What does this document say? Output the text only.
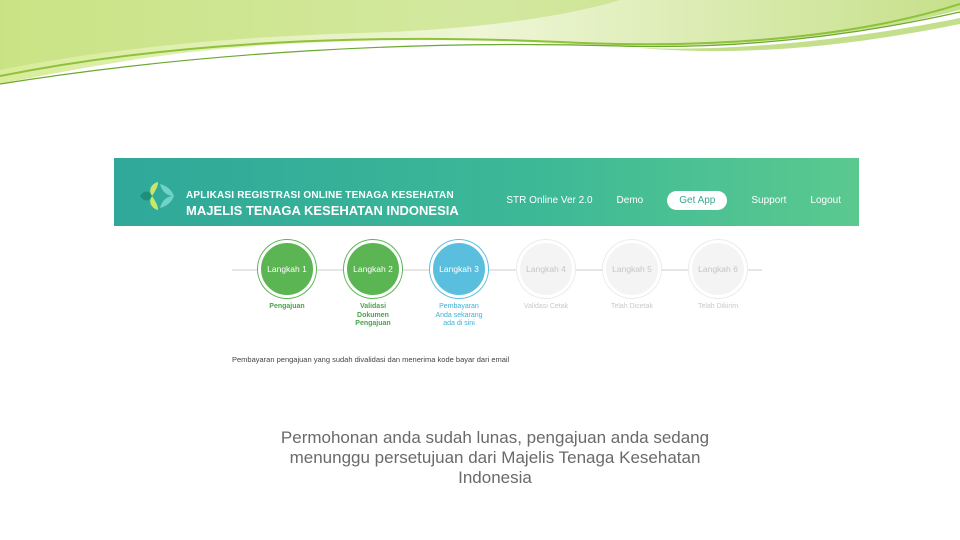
APLIKASI REGISTRASI ONLINE TENAGA KESEHATAN
MAJELIS TENAGA KESEHATAN INDONESIA
STR Online Ver 2.0 Demo	Get App	Support Logout
Langkah 1	Langkah 2	Langkah 3	Langkah 4	Langkah 5	Langkah 6
Pengajuan	Validasi Dokumen Pengajuan
Pembayaran
Anda sekarang ada di sini
Validasi Cetak	Telah Dicetak	Telah Dikirim
Pembayaran pengajuan yang sudah divalidasi dan menerima kode bayar dari email
Permohonan anda sudah lunas, pengajuan anda sedang menunggu persetujuan dari Majelis Tenaga Kesehatan Indonesia
